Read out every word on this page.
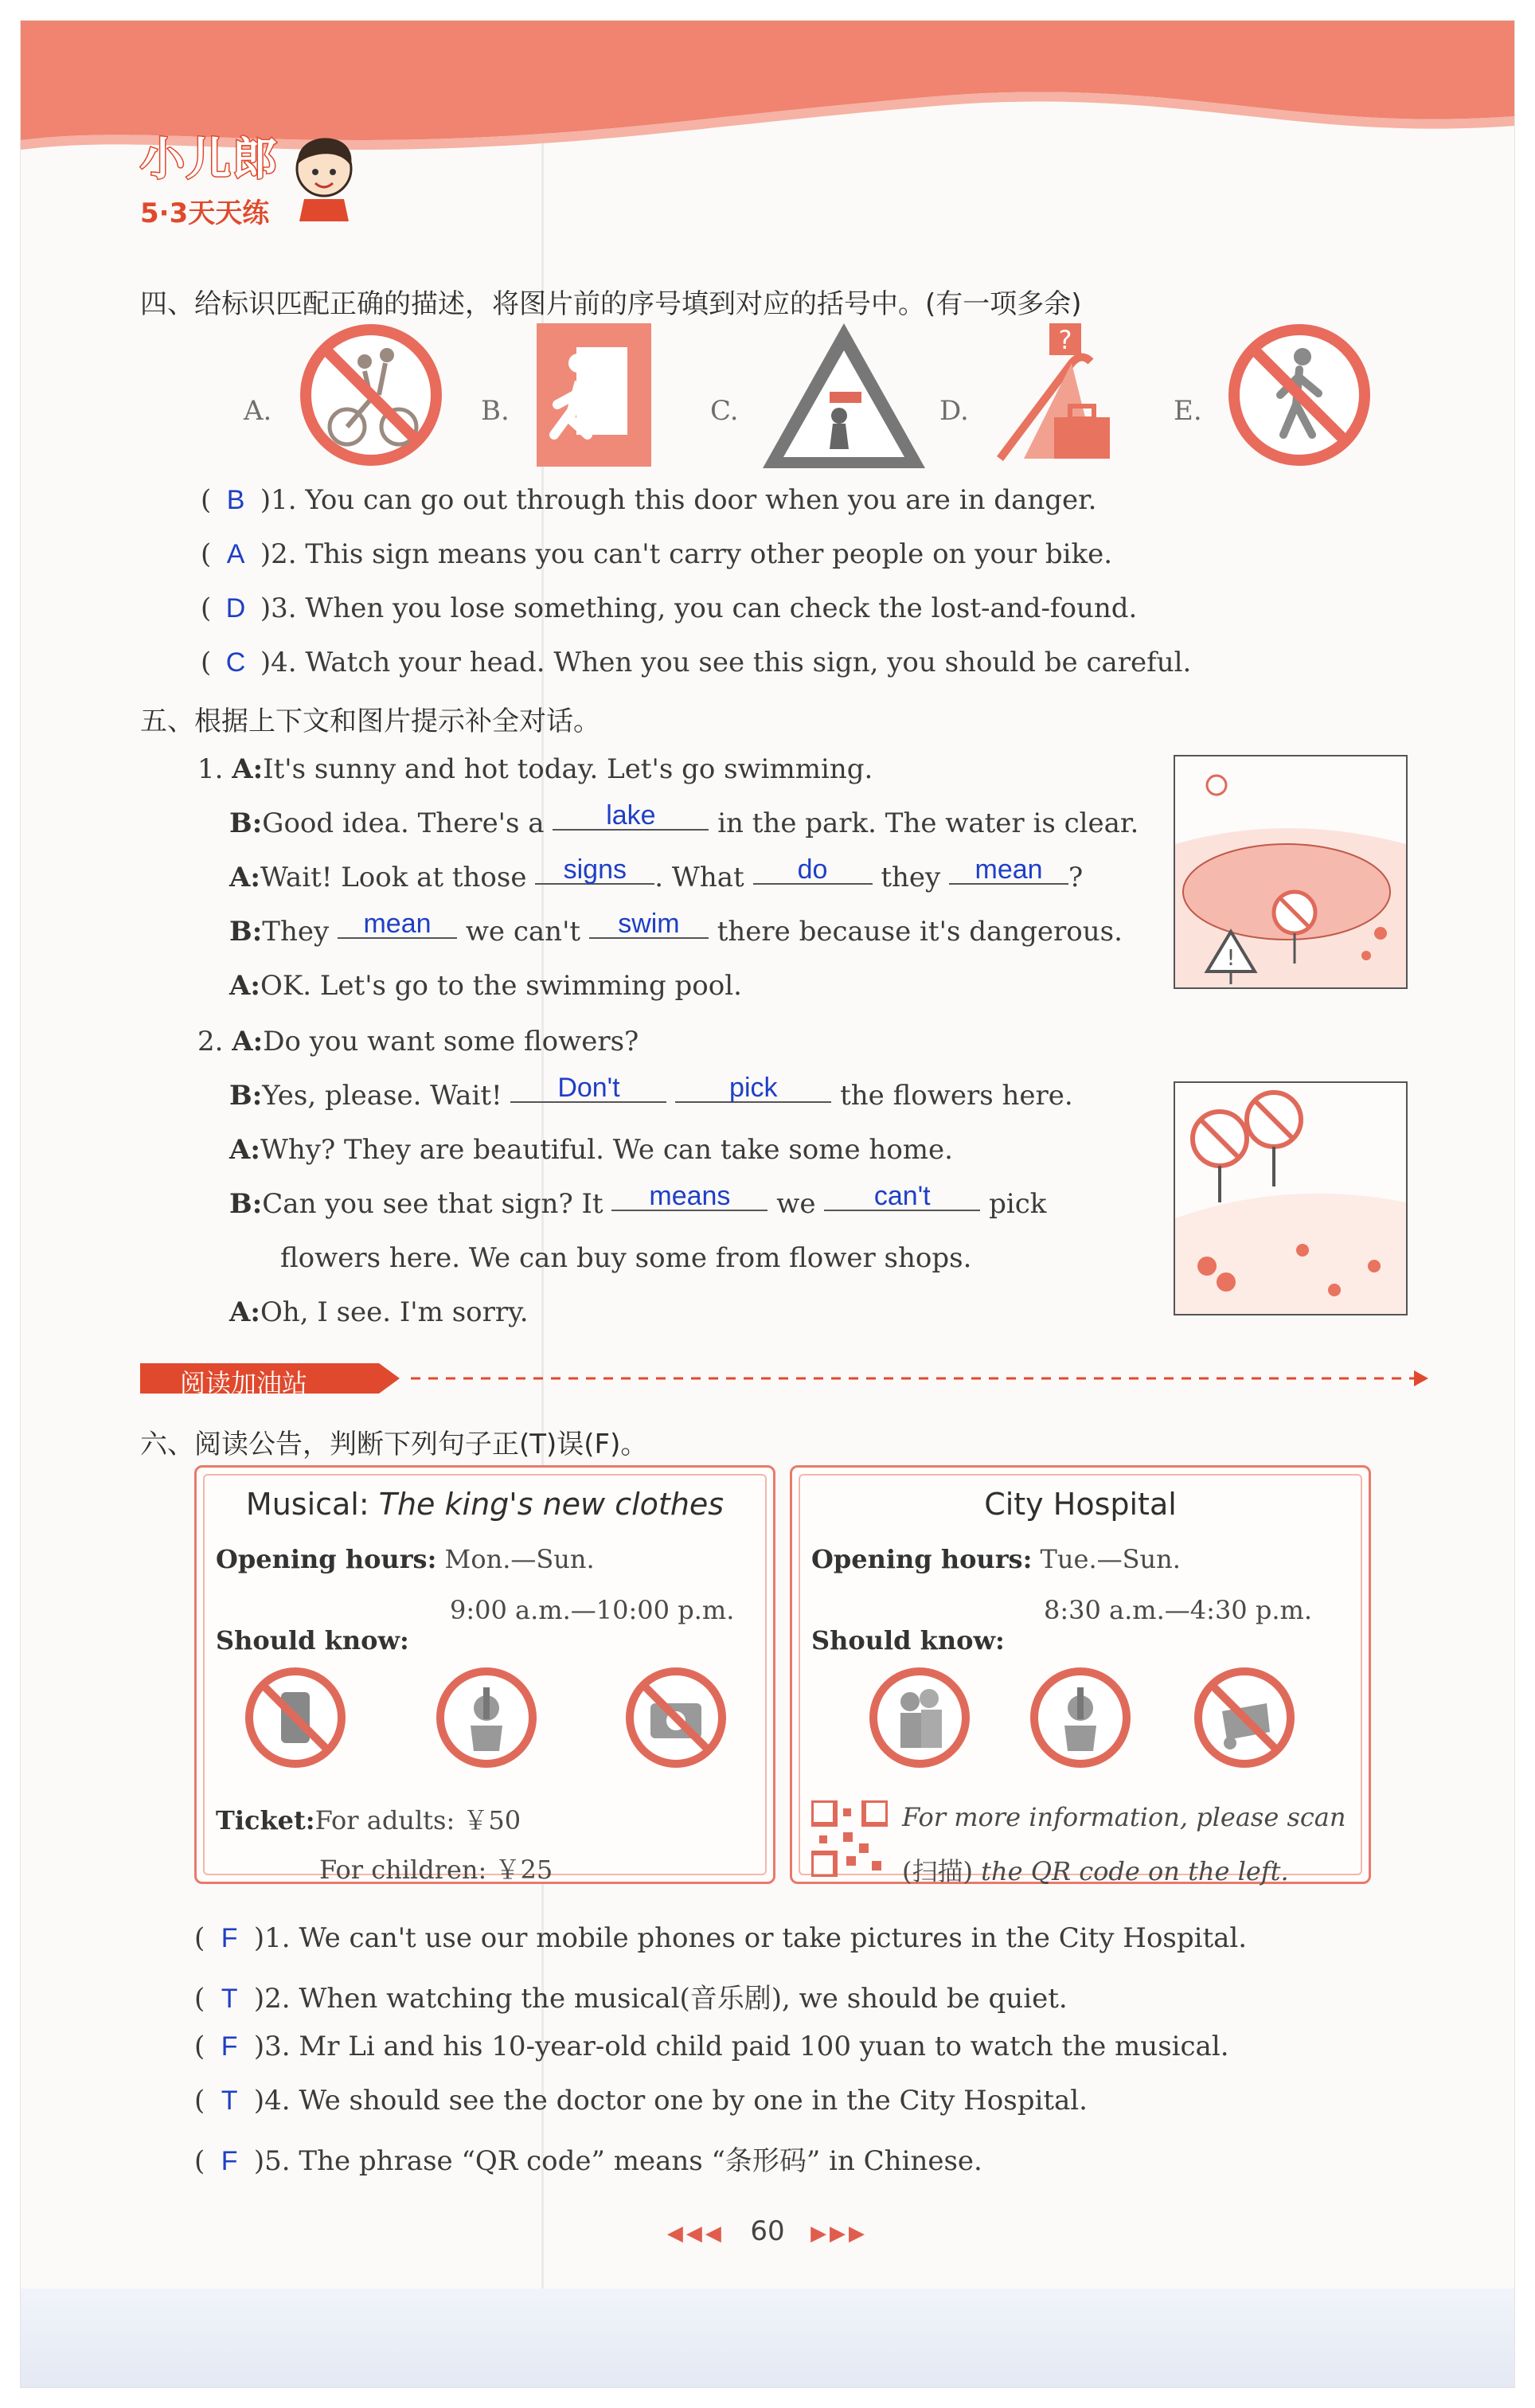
小儿郎
5·3天天练
四、给标识匹配正确的描述，将图片前的序号填到对应的括号中。(有一项多余)
A.	B.	C.	D.
?
E.
( B )1. You can go out through this door when you are in danger.
( A )2. This sign means you can't carry other people on your bike.
( D )3. When you lose something, you can check the lost-and-found.
( C )4. Watch your head. When you see this sign, you should be careful.
五、根据上下文和图片提示补全对话。
1. A:It's sunny and hot today. Let's go swimming.
B:Good idea. There's a lake in the park. The water is clear.
A:Wait! Look at those signs . What do they mean ?
B:They mean we can't swim there because it's dangerous.
A:OK. Let's go to the swimming pool.
!
2. A:Do you want some flowers?
B:Yes, please. Wait! Don't	pick the flowers here.
A:Why? They are beautiful. We can take some home.
B:Can you see that sign? It means we can't pick
flowers here. We can buy some from flower shops.
A:Oh, I see. I'm sorry.
阅读加油站
六、阅读公告，判断下列句子正(T)误(F)。
Musical: The king's new clothes
Opening hours: Mon.—Sun.
9:00 a.m.—10:00 p.m.
Should know:
Ticket:For adults: ￥50
For children: ￥25
City Hospital
Opening hours: Tue.—Sun.
8:30 a.m.—4:30 p.m.
Should know:
For more information, please scan
(扫描) the QR code on the left.
( F )1. We can't use our mobile phones or take pictures in the City Hospital.
( T )2. When watching the musical(音乐剧), we should be quiet.
( F )3. Mr Li and his 10-year-old child paid 100 yuan to watch the musical.
( T )4. We should see the doctor one by one in the City Hospital.
( F )5. The phrase “QR code” means “条形码” in Chinese.
◀◀◀ 60 ▶▶▶
